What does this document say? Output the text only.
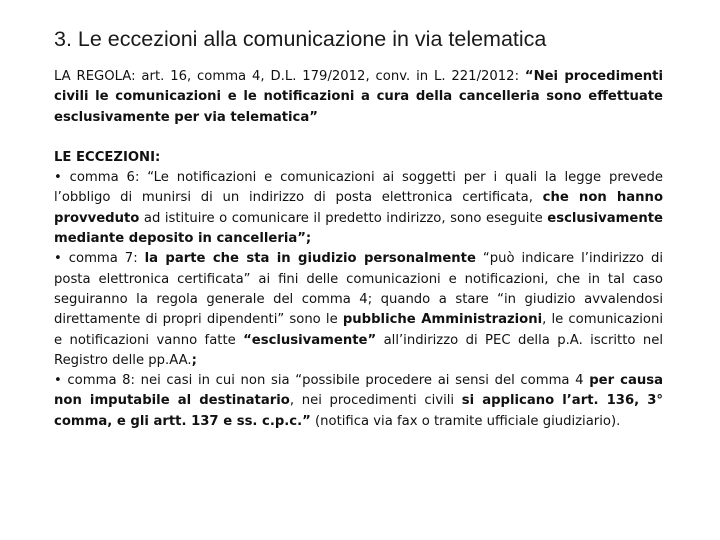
3. Le eccezioni alla comunicazione in via telematica

LA REGOLA: art. 16, comma 4, D.L. 179/2012, conv. in L. 221/2012: “Nei procedimenti civili le comunicazioni e le notificazioni a cura della cancelleria sono effettuate esclusivamente per via telematica”

LE ECCEZIONI:

• comma 6: “Le notificazioni e comunicazioni ai soggetti per i quali la legge prevede l’obbligo di munirsi di un indirizzo di posta elettronica certificata, che non hanno provveduto ad istituire o comunicare il predetto indirizzo, sono eseguite esclusivamente mediante deposito in cancelleria”;

• comma 7: la parte che sta in giudizio personalmente “può indicare l’indirizzo di posta elettronica certificata” ai fini delle comunicazioni e notificazioni, che in tal caso seguiranno la regola generale del comma 4; quando a stare “in giudizio avvalendosi direttamente di propri dipendenti” sono le pubbliche Amministrazioni, le comunicazioni e notificazioni vanno fatte “esclusivamente” all’indirizzo di PEC della p.A. iscritto nel Registro delle pp.AA.;

• comma 8: nei casi in cui non sia “possibile procedere ai sensi del comma 4 per causa non imputabile al destinatario, nei procedimenti civili si applicano l’art. 136, 3° comma, e gli artt. 137 e ss. c.p.c.” (notifica via fax o tramite ufficiale giudiziario).
